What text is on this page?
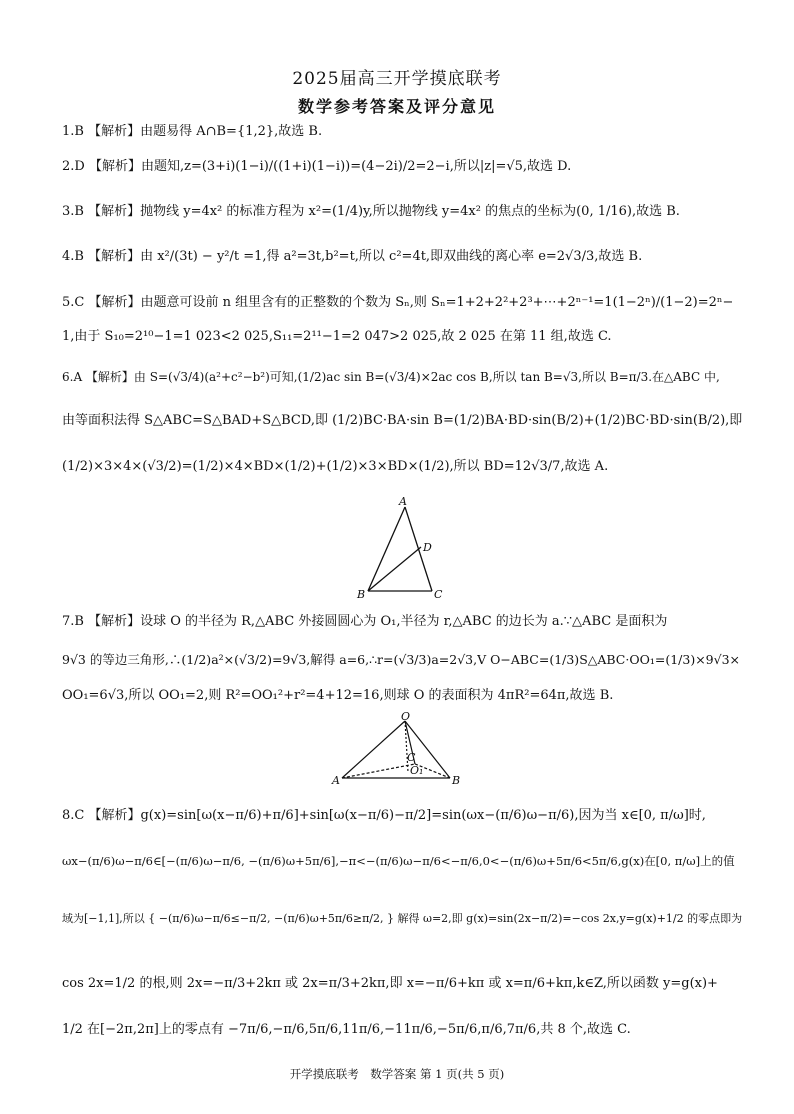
2025届高三开学摸底联考
数学参考答案及评分意见
1.B 【解析】由题易得 A∩B={1,2},故选 B.
2.D 【解析】由题知,z=(3+i)(1−i)/((1+i)(1−i))=(4−2i)/2=2−i,所以|z|=√5,故选 D.
3.B 【解析】抛物线 y=4x² 的标准方程为 x²=(1/4)y,所以抛物线 y=4x² 的焦点的坐标为(0, 1/16),故选 B.
4.B 【解析】由 x²/(3t) − y²/t =1,得 a²=3t,b²=t,所以 c²=4t,即双曲线的离心率 e=2√3/3,故选 B.
5.C 【解析】由题意可设前 n 组里含有的正整数的个数为 Sₙ,则 Sₙ=1+2+2²+2³+⋯+2ⁿ⁻¹=1(1−2ⁿ)/(1−2)=2ⁿ−
1,由于 S₁₀=2¹⁰−1=1 023<2 025,S₁₁=2¹¹−1=2 047>2 025,故 2 025 在第 11 组,故选 C.
6.A 【解析】由 S=(√3/4)(a²+c²−b²)可知,(1/2)ac sin B=(√3/4)×2ac cos B,所以 tan B=√3,所以 B=π/3.在△ABC 中,
由等面积法得 S△ABC=S△BAD+S△BCD,即 (1/2)BC·BA·sin B=(1/2)BA·BD·sin(B/2)+(1/2)BC·BD·sin(B/2),即
(1/2)×3×4×(√3/2)=(1/2)×4×BD×(1/2)+(1/2)×3×BD×(1/2),所以 BD=12√3/7,故选 A.
A
D
B	C
7.B 【解析】设球 O 的半径为 R,△ABC 外接圆圆心为 O₁,半径为 r,△ABC 的边长为 a.∵△ABC 是面积为
9√3 的等边三角形,∴(1/2)a²×(√3/2)=9√3,解得 a=6,∴r=(√3/3)a=2√3,V O−ABC=(1/3)S△ABC·OO₁=(1/3)×9√3×
OO₁=6√3,所以 OO₁=2,则 R²=OO₁²+r²=4+12=16,则球 O 的表面积为 4πR²=64π,故选 B.
O
C
O₁
A	B
8.C 【解析】g(x)=sin[ω(x−π/6)+π/6]+sin[ω(x−π/6)−π/2]=sin(ωx−(π/6)ω−π/6),因为当 x∈[0, π/ω]时,
ωx−(π/6)ω−π/6∈[−(π/6)ω−π/6, −(π/6)ω+5π/6],−π<−(π/6)ω−π/6<−π/6,0<−(π/6)ω+5π/6<5π/6,g(x)在[0, π/ω]上的值
域为[−1,1],所以 { −(π/6)ω−π/6≤−π/2, −(π/6)ω+5π/6≥π/2, } 解得 ω=2,即 g(x)=sin(2x−π/2)=−cos 2x,y=g(x)+1/2 的零点即为
cos 2x=1/2 的根,则 2x=−π/3+2kπ 或 2x=π/3+2kπ,即 x=−π/6+kπ 或 x=π/6+kπ,k∈Z,所以函数 y=g(x)+
1/2 在[−2π,2π]上的零点有 −7π/6,−π/6,5π/6,11π/6,−11π/6,−5π/6,π/6,7π/6,共 8 个,故选 C.
开学摸底联考　数学答案 第 1 页(共 5 页)
